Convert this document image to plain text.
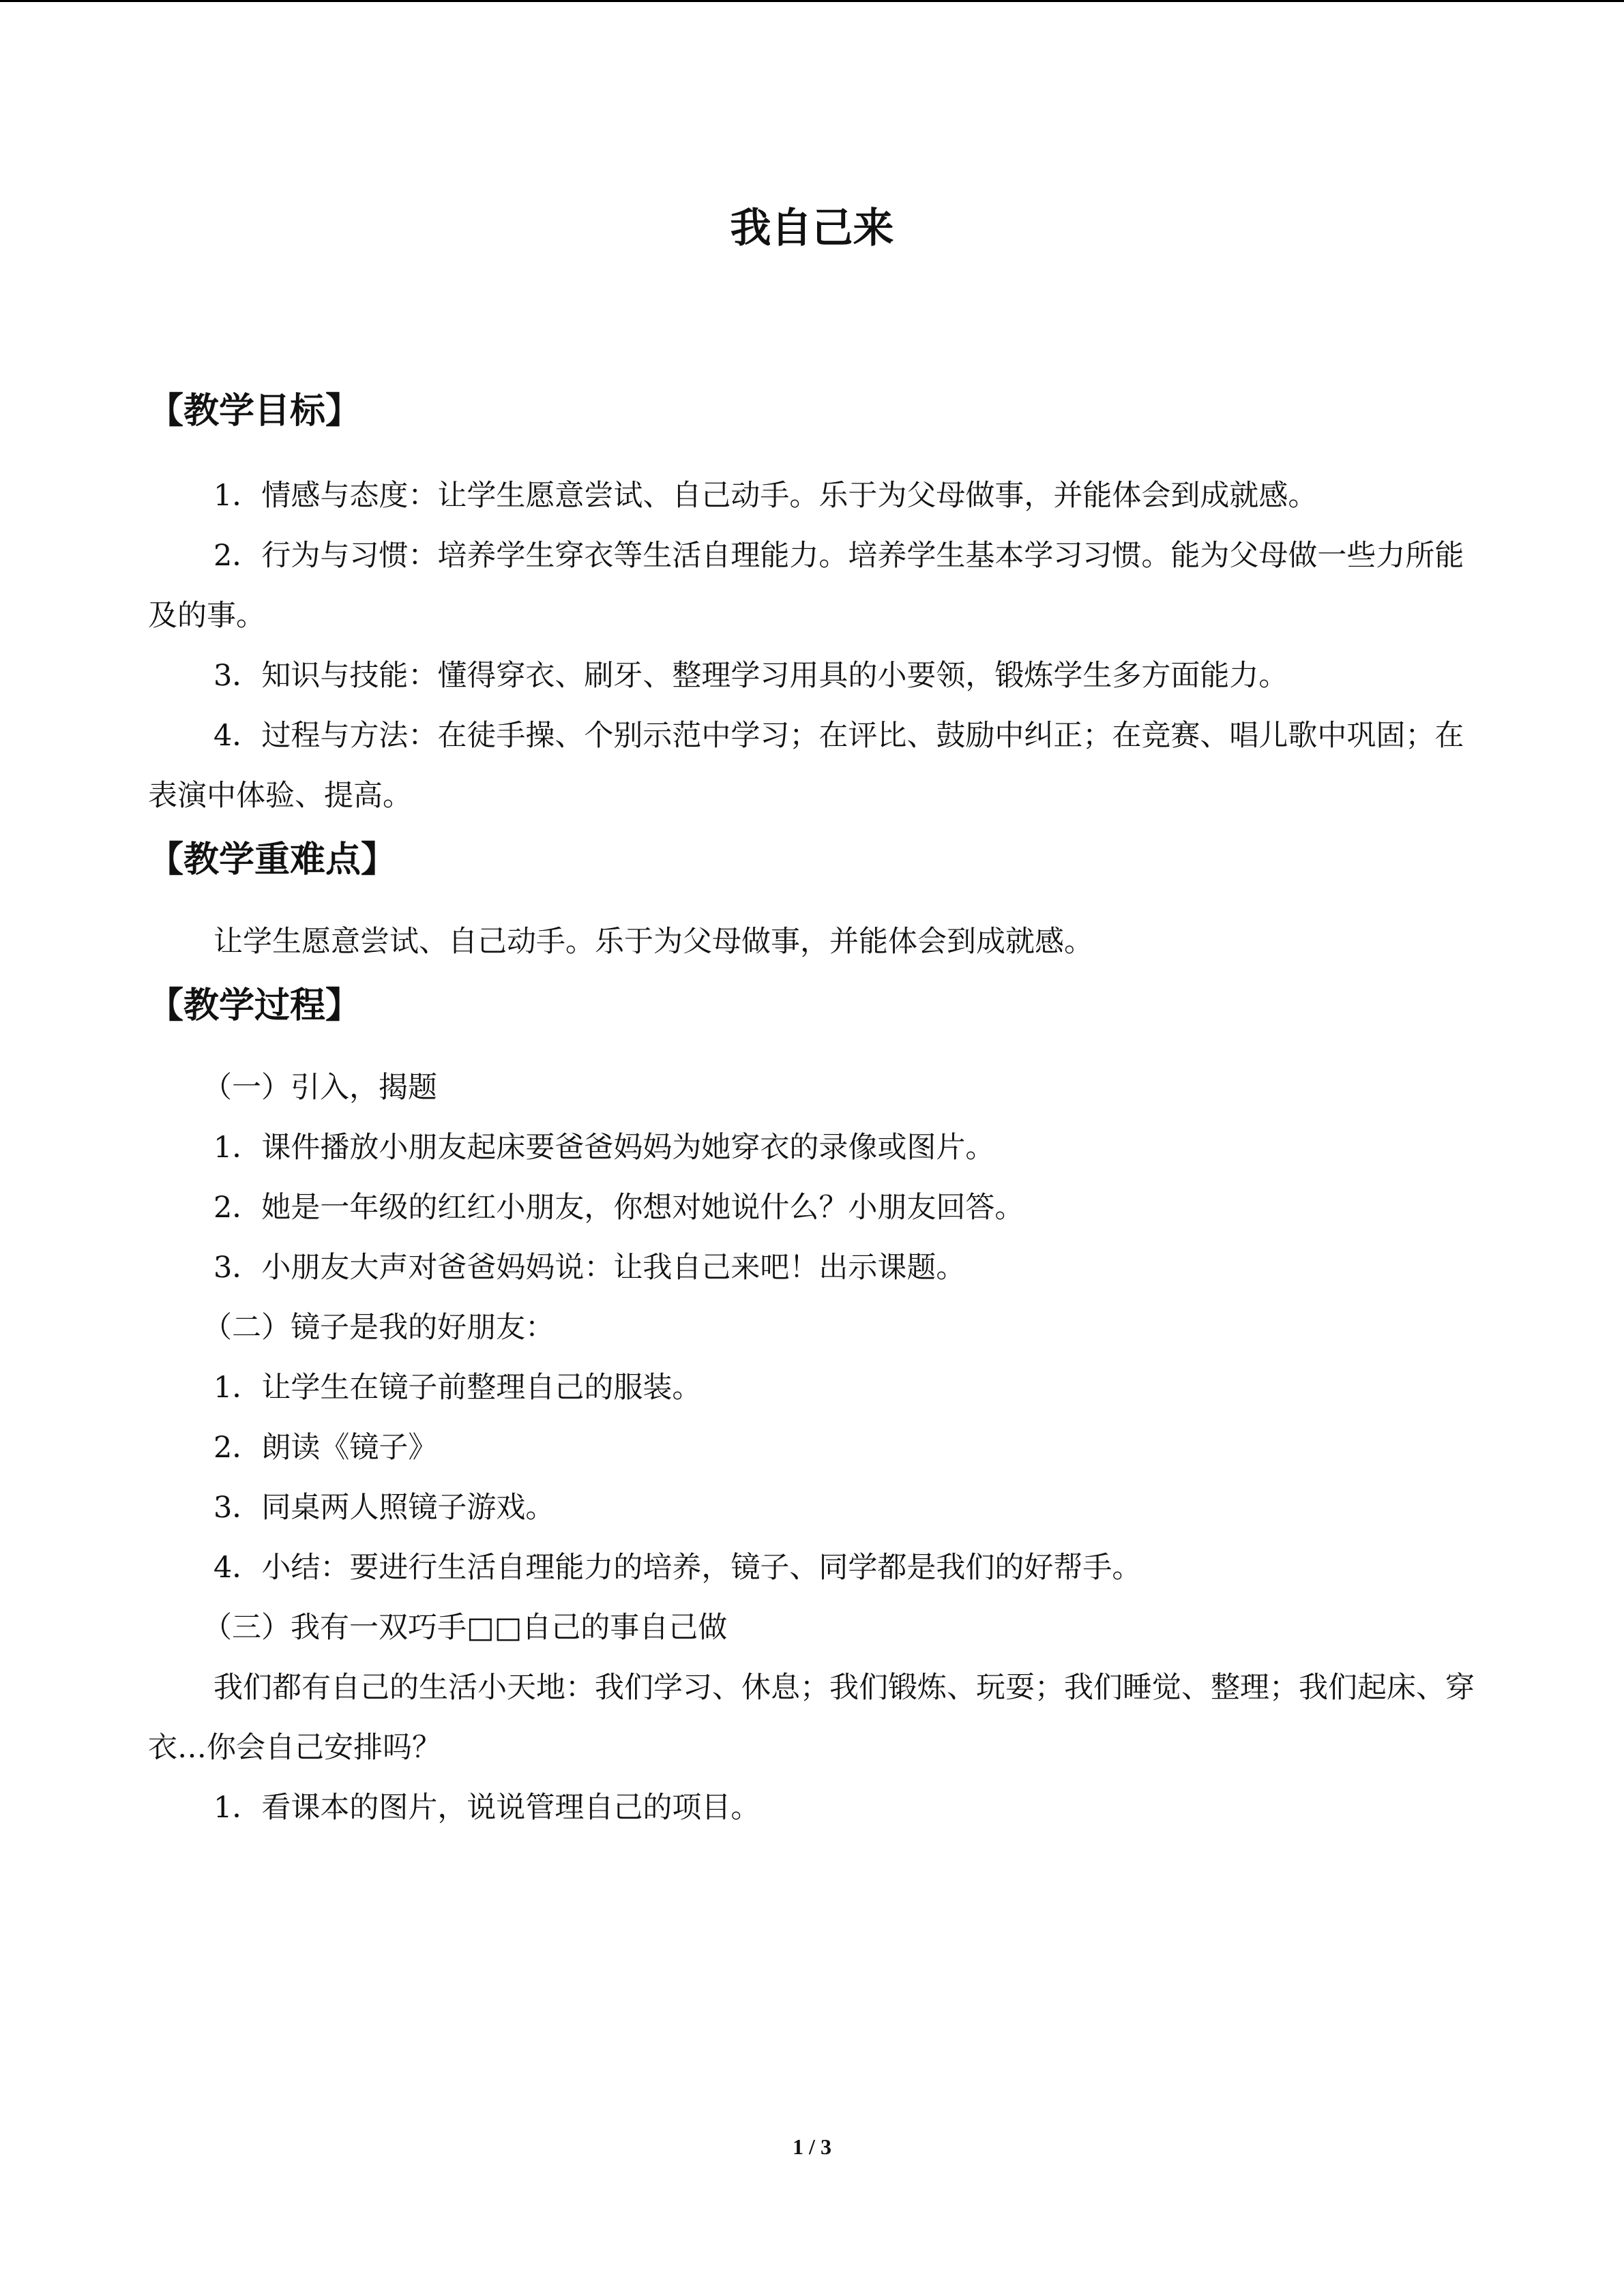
我自己来
【教学目标】

1．情感与态度：让学生愿意尝试、自己动手。乐于为父母做事，并能体会到成就感。

2．行为与习惯：培养学生穿衣等生活自理能力。培养学生基本学习习惯。能为父母做一些力所能及的事。

3．知识与技能：懂得穿衣、刷牙、整理学习用具的小要领，锻炼学生多方面能力。

4．过程与方法：在徒手操、个别示范中学习；在评比、鼓励中纠正；在竞赛、唱儿歌中巩固；在表演中体验、提高。

【教学重难点】

让学生愿意尝试、自己动手。乐于为父母做事，并能体会到成就感。

【教学过程】

（一）引入，揭题

1．课件播放小朋友起床要爸爸妈妈为她穿衣的录像或图片。

2．她是一年级的红红小朋友，你想对她说什么？小朋友回答。

3．小朋友大声对爸爸妈妈说：让我自己来吧！出示课题。

（二）镜子是我的好朋友：

1．让学生在镜子前整理自己的服装。

2．朗读《镜子》

3．同桌两人照镜子游戏。

4．小结：要进行生活自理能力的培养，镜子、同学都是我们的好帮手。

（三）我有一双巧手□□自己的事自己做

我们都有自己的生活小天地：我们学习、休息；我们锻炼、玩耍；我们睡觉、整理；我们起床、穿衣…你会自己安排吗？

1．看课本的图片，说说管理自己的项目。

1 / 3
